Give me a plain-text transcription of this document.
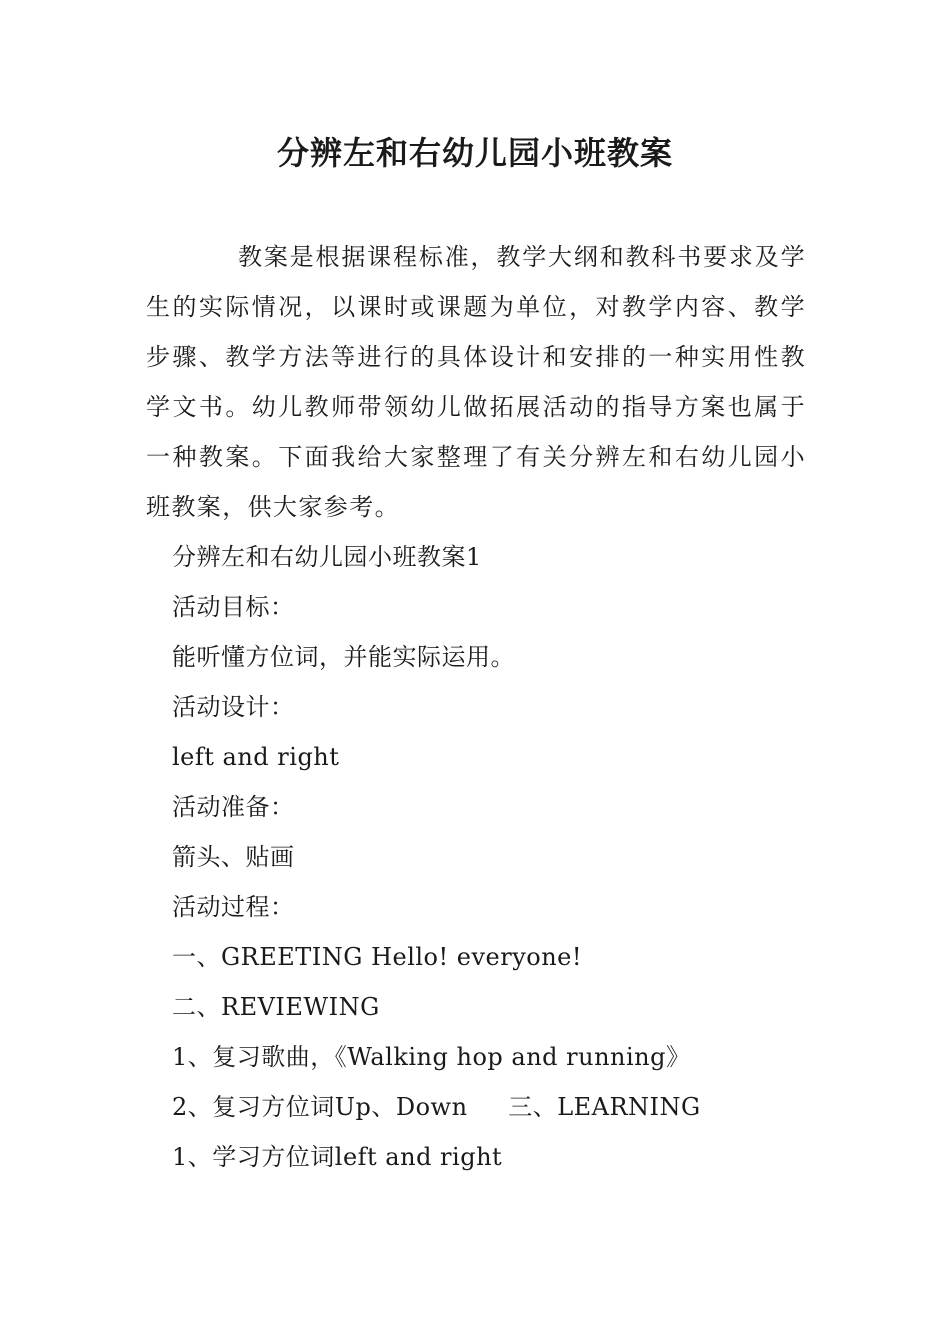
分辨左和右幼儿园小班教案

教案是根据课程标准，教学大纲和教科书要求及学生的实际情况，以课时或课题为单位，对教学内容、教学步骤、教学方法等进行的具体设计和安排的一种实用性教学文书。幼儿教师带领幼儿做拓展活动的指导方案也属于一种教案。下面我给大家整理了有关分辨左和右幼儿园小班教案，供大家参考。

分辨左和右幼儿园小班教案1
活动目标：
能听懂方位词，并能实际运用。
活动设计：
left and right
活动准备：
箭头、贴画
活动过程：
一、GREETING Hello! everyone!
二、REVIEWING
1、复习歌曲，《Walking hop and running》
2、复习方位词Up、Down     三、LEARNING
1、学习方位词left and right
